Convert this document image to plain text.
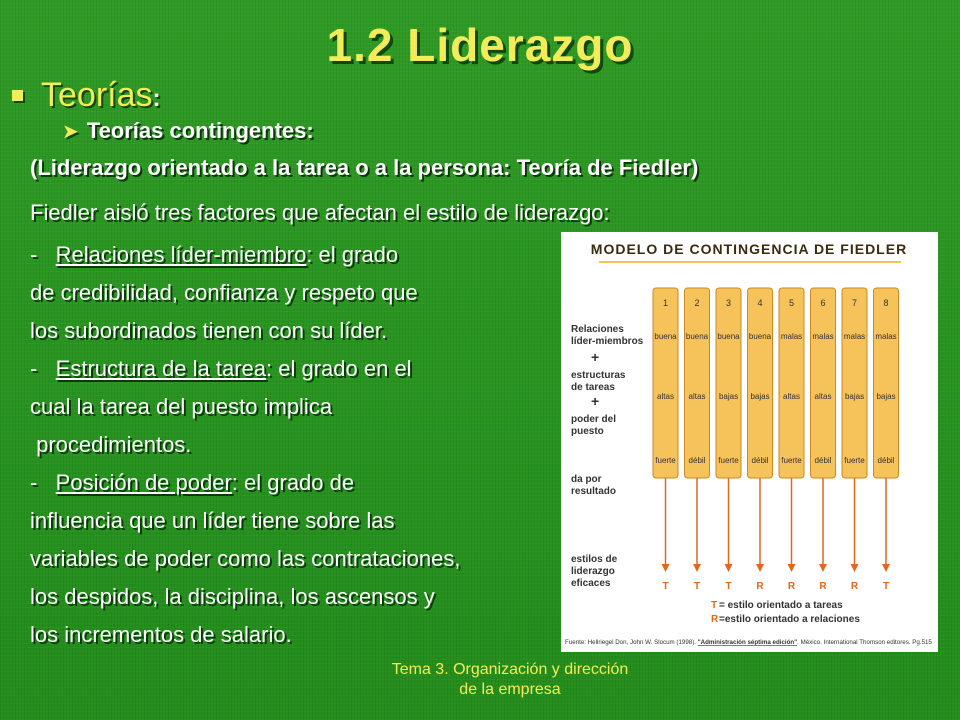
1.2 Liderazgo
Teorías:
➤ Teorías contingentes:
(Liderazgo orientado a la tarea o a la persona: Teoría de Fiedler)
Fiedler aisló tres factores que afectan el estilo de liderazgo:
- Relaciones líder-miembro: el grado
de credibilidad, confianza y respeto que
los subordinados tienen con su líder.
- Estructura de la tarea: el grado en el
cual la tarea del puesto implica
procedimientos.
- Posición de poder: el grado de
influencia que un líder tiene sobre las
variables de poder como las contrataciones,
los despidos, la disciplina, los ascensos y
los incrementos de salario.
MODELO DE CONTINGENCIA DE FIEDLER
Relaciones
líder-miembros
+
estructuras
de tareas
+
poder del
puesto
da por
resultado
estilos de
liderazgo
eficaces
1
buena
altas
fuerte
T
2
buena
altas
débil
T
3
buena
bajas
fuerte
T
4
buena
bajas
débil
R
5
malas
altas
fuerte
R
6
malas
altas
débil
R
7
malas
bajas
fuerte
R
8
malas
bajas
débil
T
T = estilo orientado a tareas
R =estilo orientado a relaciones
Fuente: Hellriegel Don, John W. Slocum (1998). "Administración séptima edición". México. International Thomson editores. Pg.515
Tema 3. Organización y dirección
de la empresa
